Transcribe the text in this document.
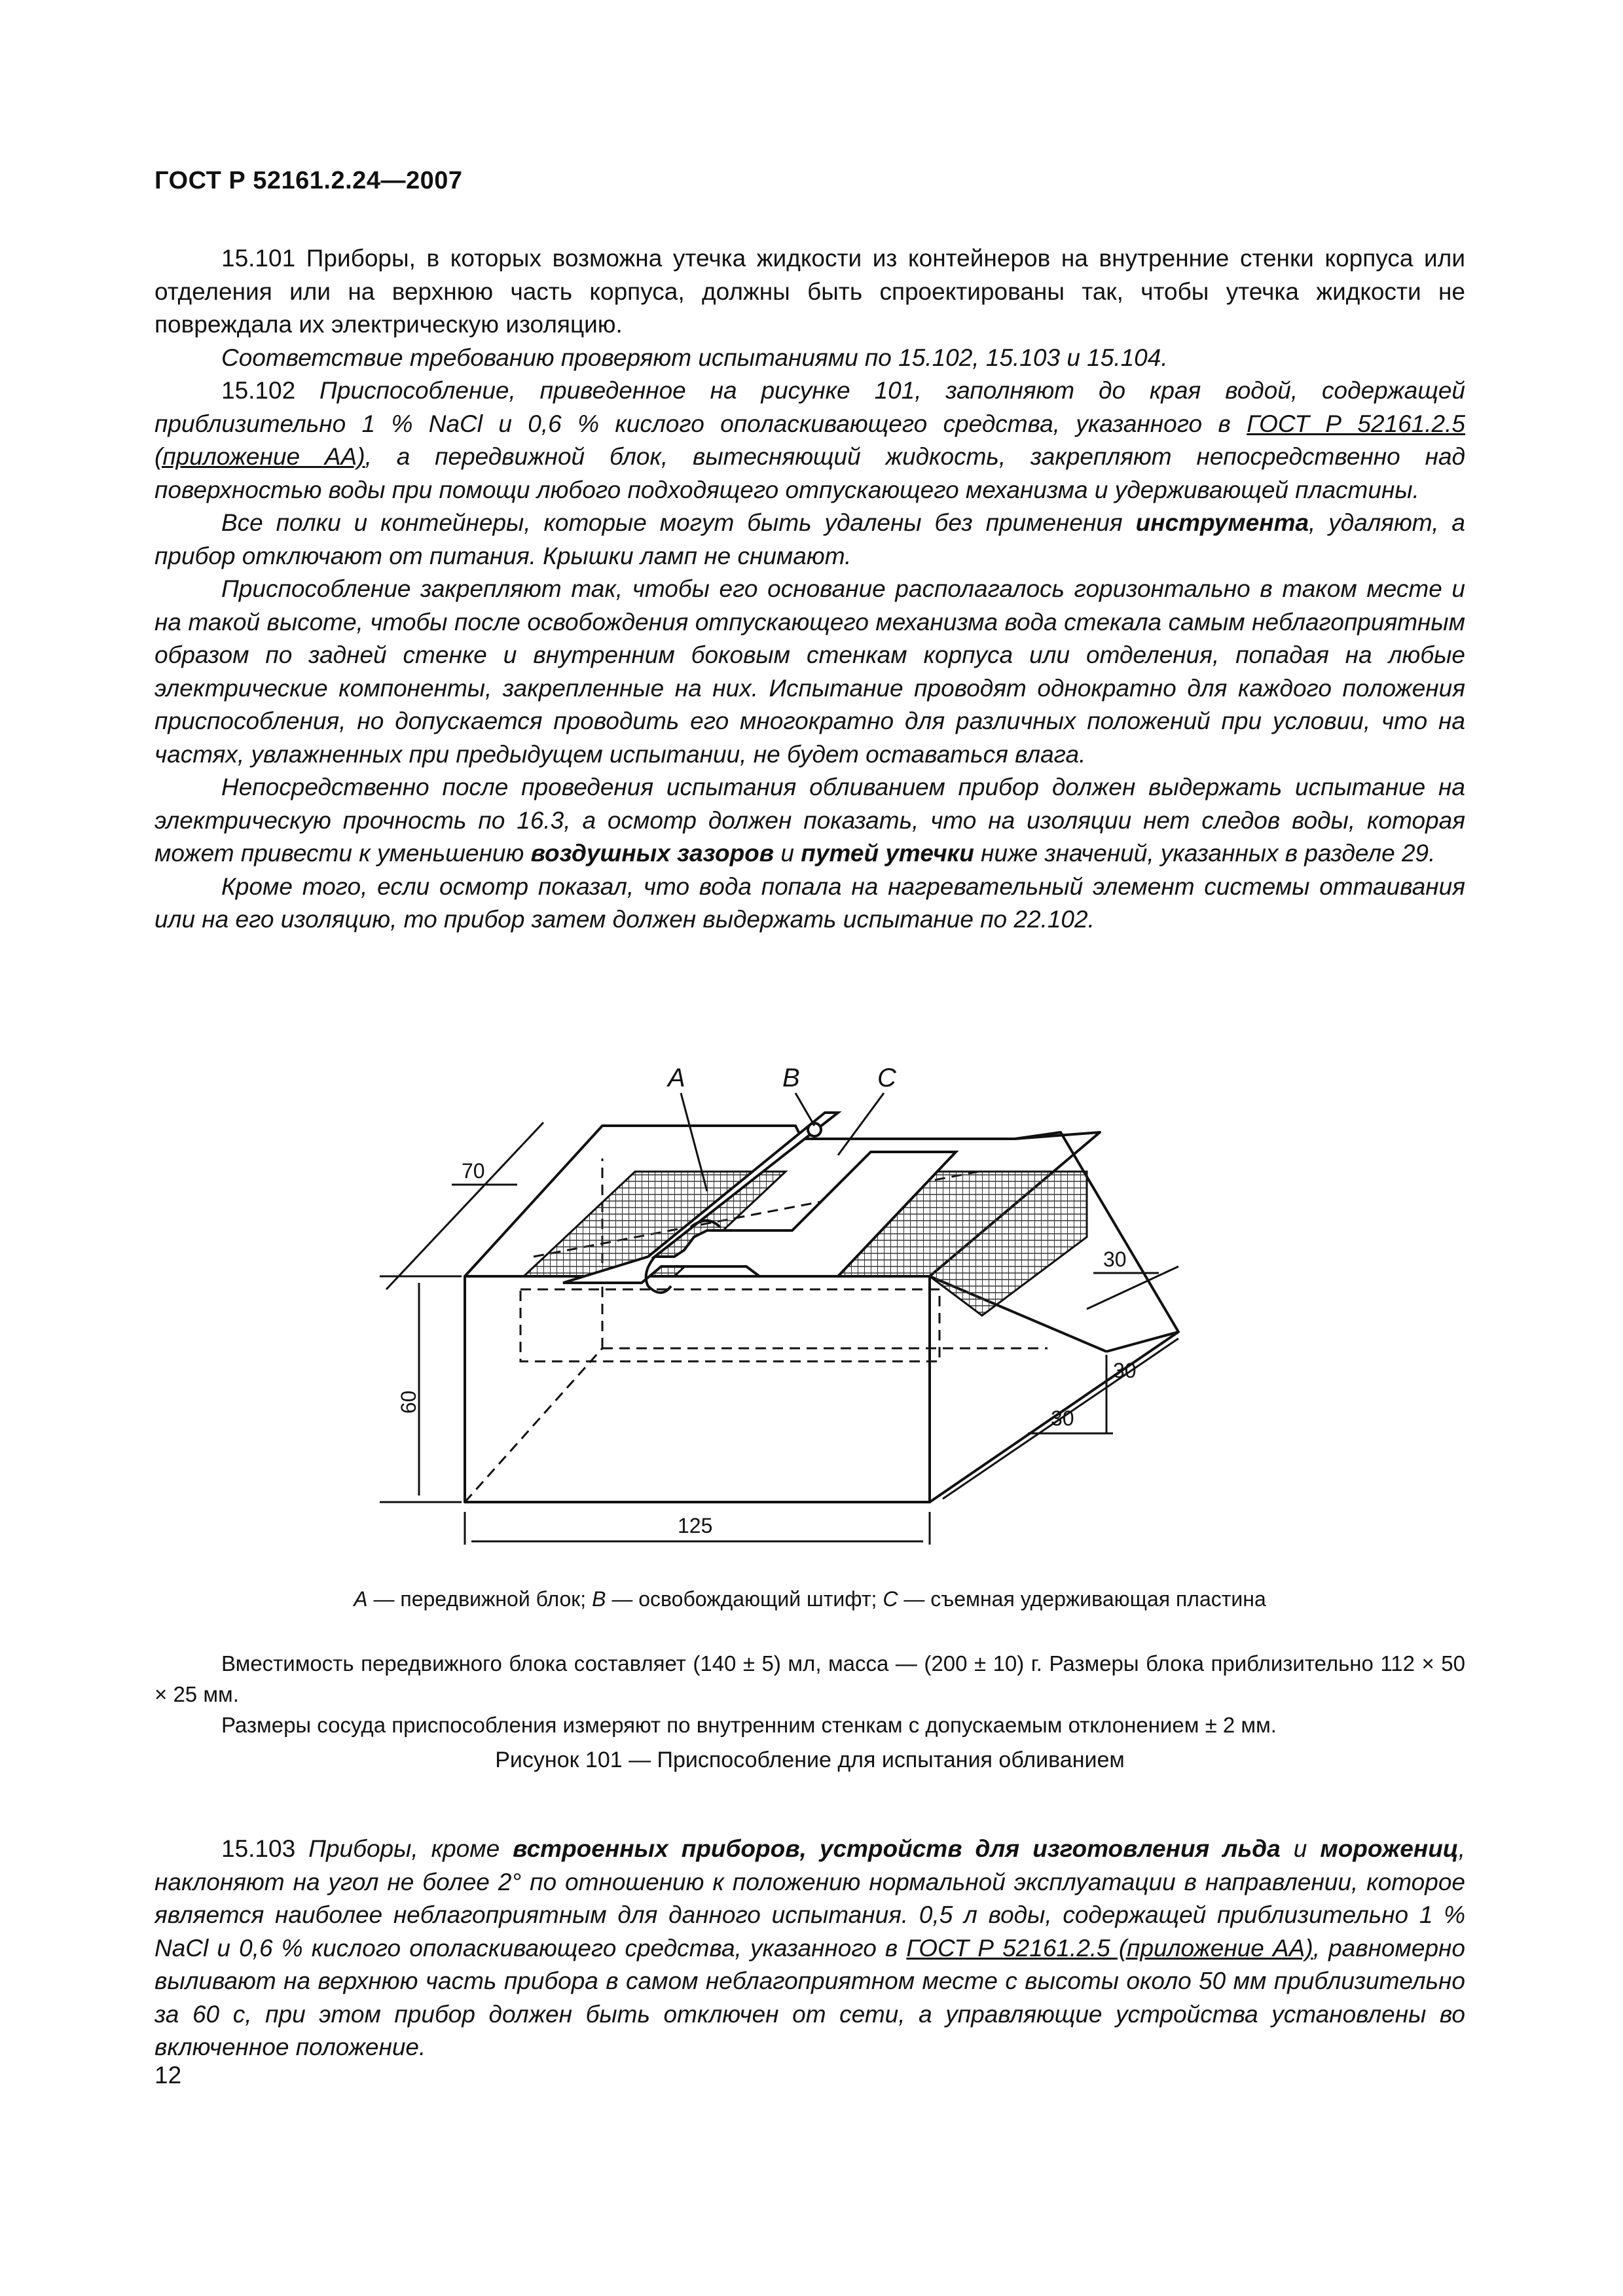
ГОСТ Р 52161.2.24—2007

15.101 Приборы, в которых возможна утечка жидкости из контейнеров на внутренние стенки корпуса или отделения или на верхнюю часть корпуса, должны быть спроектированы так, чтобы утечка жидкости не повреждала их электрическую изоляцию.

Соответствие требованию проверяют испытаниями по 15.102, 15.103 и 15.104.

15.102 Приспособление, приведенное на рисунке 101, заполняют до края водой, содержащей приблизительно 1 % NaCl и 0,6 % кислого ополаскивающего средства, указанного в ГОСТ Р 52161.2.5 (приложение АА), а передвижной блок, вытесняющий жидкость, закрепляют непосредственно над поверхностью воды при помощи любого подходящего отпускающего механизма и удерживающей пластины.

Все полки и контейнеры, которые могут быть удалены без применения инструмента, удаляют, а прибор отключают от питания. Крышки ламп не снимают.

Приспособление закрепляют так, чтобы его основание располагалось горизонтально в таком месте и на такой высоте, чтобы после освобождения отпускающего механизма вода стекала самым неблагоприятным образом по задней стенке и внутренним боковым стенкам корпуса или отделения, попадая на любые электрические компоненты, закрепленные на них. Испытание проводят однократно для каждого положения приспособления, но допускается проводить его многократно для различных положений при условии, что на частях, увлажненных при предыдущем испытании, не будет оставаться влага.

Непосредственно после проведения испытания обливанием прибор должен выдержать испытание на электрическую прочность по 16.3, а осмотр должен показать, что на изоляции нет следов воды, которая может привести к уменьшению воздушных зазоров и путей утечки ниже значений, указанных в разделе 29.

Кроме того, если осмотр показал, что вода попала на нагревательный элемент системы оттаивания или на его изоляцию, то прибор затем должен выдержать испытание по 22.102.

A	B	C
70
60
125
30
30
30
A — передвижной блок; B — освобождающий штифт; C — съемная удерживающая пластина

Вместимость передвижного блока составляет (140 ± 5) мл, масса — (200 ± 10) г. Размеры блока приблизительно 112 × 50 × 25 мм.

Размеры сосуда приспособления измеряют по внутренним стенкам с допускаемым отклонением ± 2 мм.

Рисунок 101 — Приспособление для испытания обливанием

15.103 Приборы, кроме встроенных приборов, устройств для изготовления льда и морожениц, наклоняют на угол не более 2° по отношению к положению нормальной эксплуатации в направлении, которое является наиболее неблагоприятным для данного испытания. 0,5 л воды, содержащей приблизительно 1 % NaCl и 0,6 % кислого ополаскивающего средства, указанного в ГОСТ Р 52161.2.5 (приложение АА), равномерно выливают на верхнюю часть прибора в самом неблагоприятном месте с высоты около 50 мм приблизительно за 60 с, при этом прибор должен быть отключен от сети, а управляющие устройства установлены во включенное положение.

12
